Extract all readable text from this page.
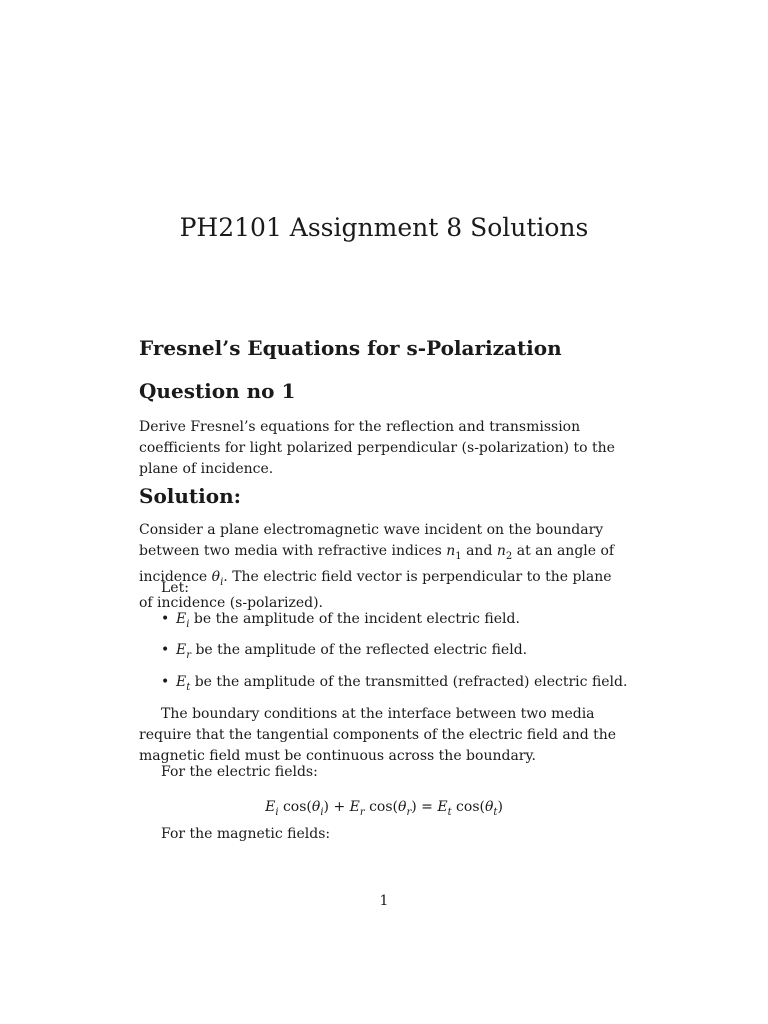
PH2101 Assignment 8 Solutions
Fresnel’s Equations for s-Polarization
Question no 1

Derive Fresnel’s equations for the reflection and transmission coefficients for light polarized perpendicular (s-polarization) to the plane of incidence.

Solution:

Consider a plane electromagnetic wave incident on the boundary between two media with refractive indices $n_1$ and $n_2$ at an angle of incidence $\theta_i$. The electric field vector is perpendicular to the plane of incidence (s-polarized).

Let:

• $E_i$ be the amplitude of the incident electric field.

• $E_r$ be the amplitude of the reflected electric field.

• $E_t$ be the amplitude of the transmitted (refracted) electric field.

The boundary conditions at the interface between two media require that the tangential components of the electric field and the magnetic field must be continuous across the boundary.

For the electric fields:

$E_i$ $\cos(\theta_i) + E_r$ $\cos(\theta_r) = E_t$ $\cos(\theta_t)$

For the magnetic fields:

1
